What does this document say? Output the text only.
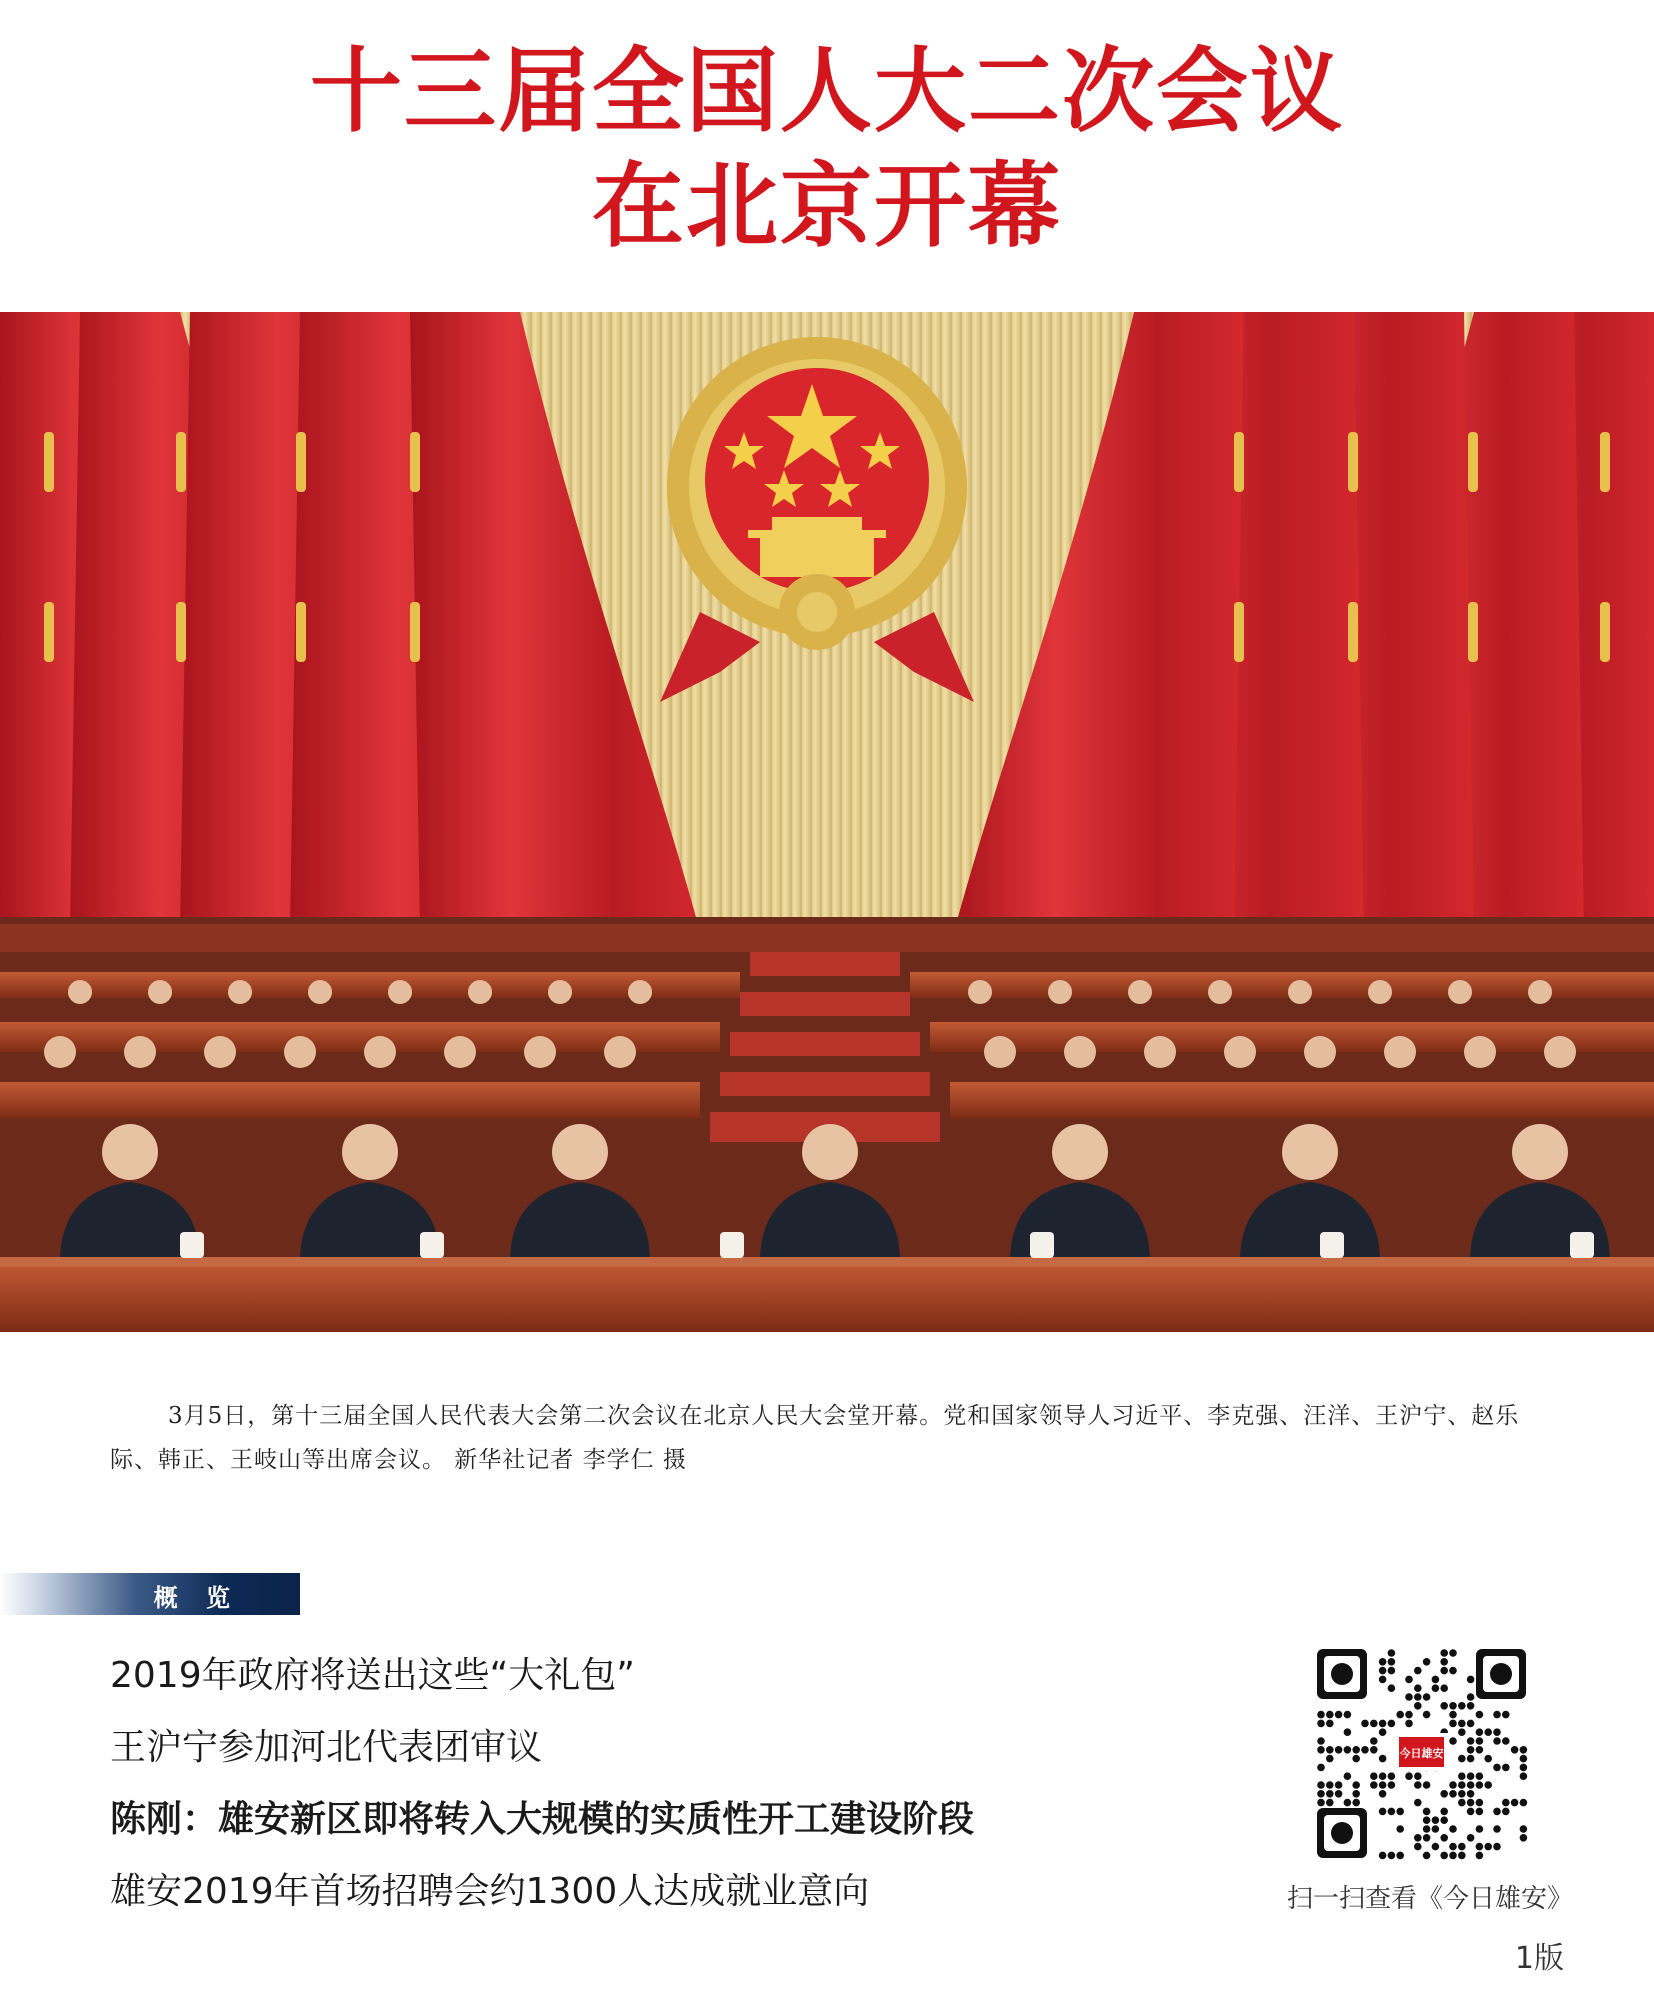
十三届全国人大二次会议
在北京开幕
3月5日，第十三届全国人民代表大会第二次会议在北京人民大会堂开幕。党和国家领导人习近平、李克强、汪洋、王沪宁、赵乐际、韩正、王岐山等出席会议。 新华社记者 李学仁 摄
概 览
2019年政府将送出这些“大礼包”
王沪宁参加河北代表团审议
陈刚：雄安新区即将转入大规模的实质性开工建设阶段
雄安2019年首场招聘会约1300人达成就业意向
今日雄安
扫一扫查看《今日雄安》
1版
